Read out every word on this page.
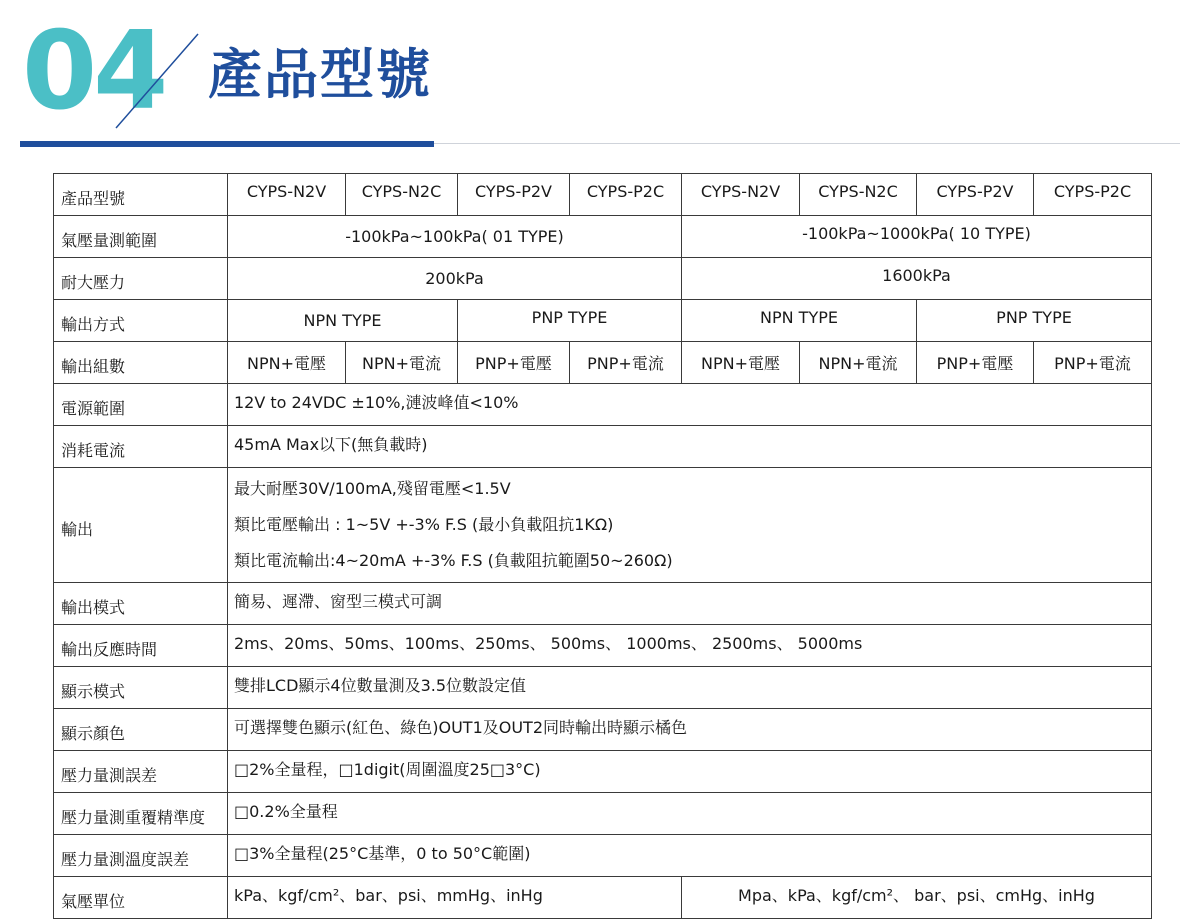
04 產品型號
產品型號	CYPS-N2V	CYPS-N2C	CYPS-P2V	CYPS-P2C	CYPS-N2V	CYPS-N2C	CYPS-P2V	CYPS-P2C
氣壓量測範圍	-100kPa~100kPa( 01 TYPE)				-100kPa~1000kPa( 10 TYPE)			
耐大壓力	200kPa				1600kPa			
輸出方式	NPN TYPE		PNP TYPE		NPN TYPE		PNP TYPE	
輸出組數	NPN+電壓	NPN+電流	PNP+電壓	PNP+電流	NPN+電壓	NPN+電流	PNP+電壓	PNP+電流
電源範圍	12V to 24VDC ±10%,漣波峰值<10%							
消耗電流	45mA Max以下(無負載時)							
輸出	最大耐壓30V/100mA,殘留電壓<1.5V
類比電壓輸出 : 1~5V +-3% F.S (最小負載阻抗1KΩ)
類比電流輸出:4~20mA +-3% F.S (負載阻抗範圍50~260Ω)							

輸出模式	簡易、遲滯、窗型三模式可調							
輸出反應時間	2ms、20ms、50ms、100ms、250ms、 500ms、 1000ms、 2500ms、 5000ms							
顯示模式	雙排LCD顯示4位數量測及3.5位數設定值							
顯示顏色	可選擇雙色顯示(紅色、綠色)OUT1及OUT2同時輸出時顯示橘色							
壓力量測誤差	□2%全量程，□1digit(周圍溫度25□3°C)							
壓力量測重覆精準度	□0.2%全量程							
壓力量測溫度誤差	□3%全量程(25°C基準，0 to 50°C範圍)							
氣壓單位	kPa、kgf/cm²、bar、psi、mmHg、inHg				Mpa、kPa、kgf/cm²、 bar、psi、cmHg、inHg			
